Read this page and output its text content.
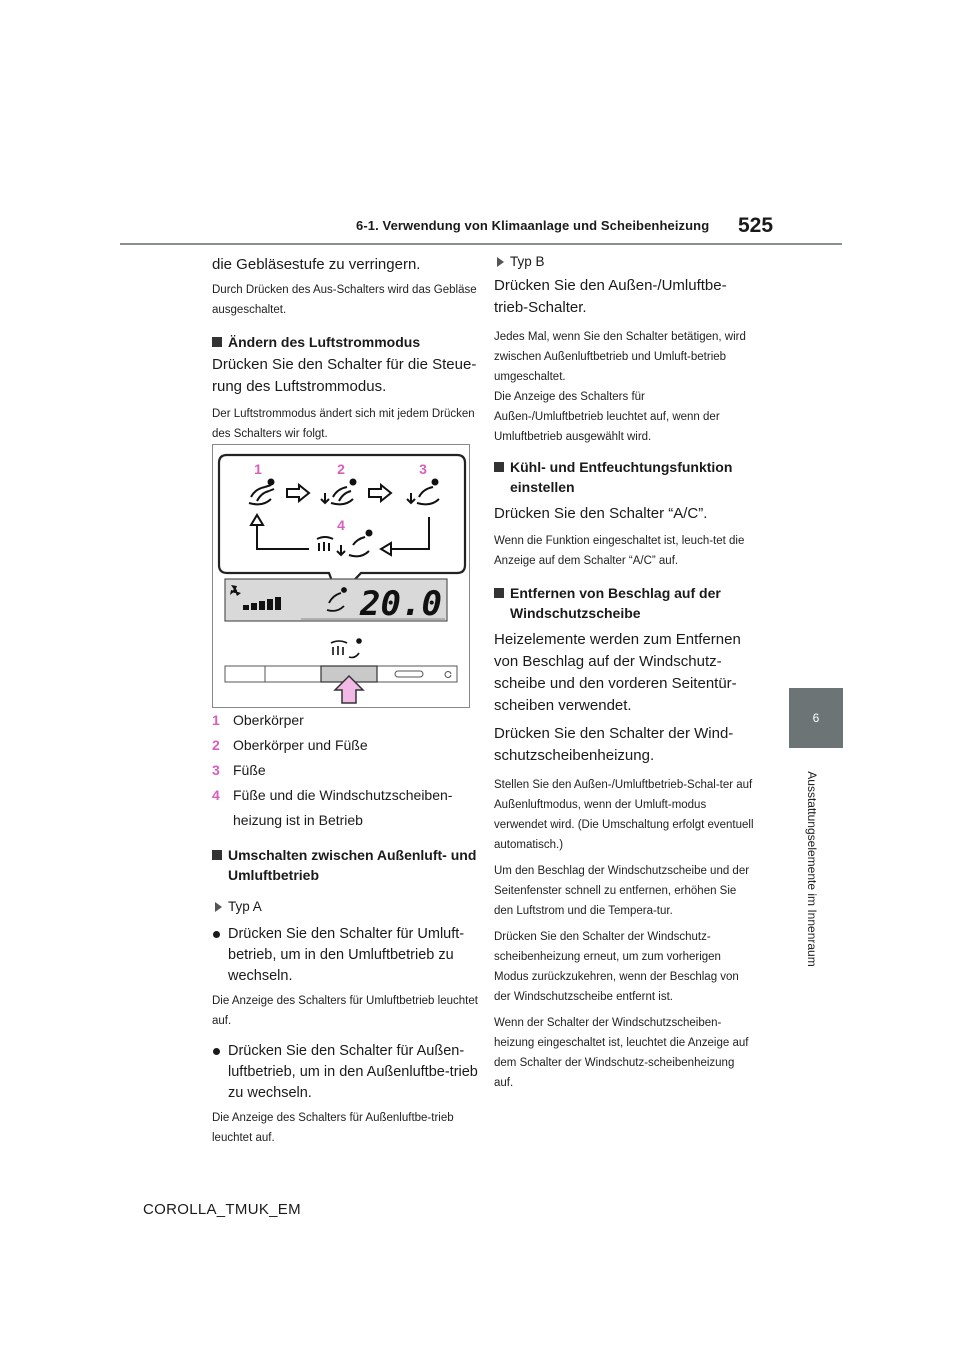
6-1. Verwendung von Klimaanlage und Scheibenheizung 525
6
Ausstattungselemente im Innenraum

die Gebläsestufe zu verringern.

Durch Drücken des Aus-Schalters wird das Gebläse ausgeschaltet.

Ändern des Luftstrommodus

Drücken Sie den Schalter für die Steue-rung des Luftstrommodus.

Der Luftstrommodus ändert sich mit jedem Drücken des Schalters wir folgt.

1	2	3
4
20.0
1 Oberkörper
2 Oberkörper und Füße
3 Füße
4 Füße und die Windschutzscheiben-heizung ist in Betrieb

Umschalten zwischen Außenluft- und Umluftbetrieb

Typ A

Drücken Sie den Schalter für Umluft-betrieb, um in den Umluftbetrieb zu wechseln.

Die Anzeige des Schalters für Umluftbetrieb leuchtet auf.

Drücken Sie den Schalter für Außen-luftbetrieb, um in den Außenluftbe-trieb zu wechseln.

Die Anzeige des Schalters für Außenluftbe-trieb leuchtet auf.

Typ B

Drücken Sie den Außen-/Umluftbe-trieb-Schalter.

Jedes Mal, wenn Sie den Schalter betätigen, wird zwischen Außenluftbetrieb und Umluft-betrieb umgeschaltet.

Die Anzeige des Schalters für Außen-/Umluftbetrieb leuchtet auf, wenn der Umluftbetrieb ausgewählt wird.

Kühl- und Entfeuchtungsfunktion einstellen

Drücken Sie den Schalter “A/C”.

Wenn die Funktion eingeschaltet ist, leuch-tet die Anzeige auf dem Schalter “A/C” auf.

Entfernen von Beschlag auf der Windschutzscheibe

Heizelemente werden zum Entfernen von Beschlag auf der Windschutz-scheibe und den vorderen Seitentür-scheiben verwendet.

Drücken Sie den Schalter der Wind-schutzscheibenheizung.

Stellen Sie den Außen-/Umluftbetrieb-Schal-ter auf Außenluftmodus, wenn der Umluft-modus verwendet wird. (Die Umschaltung erfolgt eventuell automatisch.)

Um den Beschlag der Windschutzscheibe und der Seitenfenster schnell zu entfernen, erhöhen Sie den Luftstrom und die Tempera-tur.

Drücken Sie den Schalter der Windschutz-scheibenheizung erneut, um zum vorherigen Modus zurückzukehren, wenn der Beschlag von der Windschutzscheibe entfernt ist.

Wenn der Schalter der Windschutzscheiben-heizung eingeschaltet ist, leuchtet die Anzeige auf dem Schalter der Windschutz-scheibenheizung auf.

COROLLA_TMUK_EM
